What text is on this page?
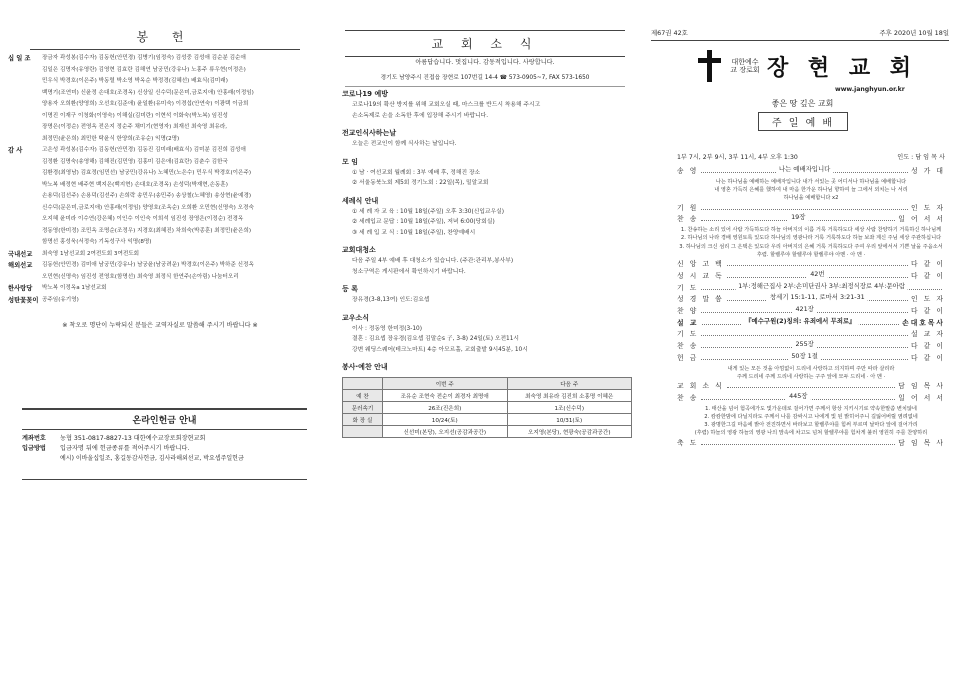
봉 헌
십 일 조	장금자 곽성봉(김수자) 김동헌(안민경) 김병기(임정숙) 김성중 김성애 김순분 김순애
김일은 김명자(유영란) 김영현 김효란 김해연 남궁민(강유나) 노홍주 류우현(이정은)
민우식 박경호(이은주) 박동렬 박소영 박옥순 박정경(김혜선) 배효식(김미래)
백명기(조연미) 신윤정 손대호(조경옥) 신상일 신수덕(문은미,금로지애) 안홍래(이정임)
양용자 오희환(양영희) 오선호(김준애) 윤일환(유미숙) 이경섭(안연숙) 이광택 이금희
이명진 이재구 이청화(이영숙) 이해실(김미란) 이현석 이화숙(박노복) 임진성
장명은(이정순) 전영옥 전은지 정순주 채미기(현영자) 최재선 최숙영 최유라,
최정민(윤은희) 최민한 탁윤식 한양희(조유순) 익명(2명)
감 사	고은성 곽성봉(김수자) 김동헌(안민경) 김동진 김미래(배효식) 김미분 김진희 김성애
김정환 김명숙(송영해) 김해진(김민영) 김홍미 김은애(김효란) 김춘수 김한국
김환경(최영남) 김효정(임민선) 남궁민(강유나) 노혜민(노은수) 민우식 박경호(이은주)
박노복 배정현 배주현 백지은(백지현) 손대호(조경옥) 손성덕(박재현,손동훈)
손용덕(김선주) 손용덕(김선주) 손희락 송민우(송민주) 송상철(노혜영) 송상현(윤예경)
신수덕(문은미,금로지애) 안홍래(이정임) 양영호(조옥순) 오희환 오민현(신명숙) 오경숙
오지혜 윤미라 이수연(강은혜) 이인수 이인숙 이희석 임진성 장영은(이정순) 전경옥
정동영(한미정) 조민옥 조명순(조정우) 지경호(최혜진) 차희숙(박종훈) 최정민(윤은희)
함명선 홍성욱(서정숙) 기독성구사 익명(8명)
국내선교	최숙영 1남선교회 2여전도회 3여전도회
해외선교	김동헌(안민경) 김미애 남궁민(강유나) 남궁윤(남궁려운) 박경호(이은주) 박하준 신정옥
오민현(신명숙) 임진성 전영호(함명선) 최숙영 최정식 한연주(손아림) 나눔터오리
한사랑당	박노복 이정옥a 1남선교회
성탄꽃꽂이 공주임(유기영)
※ 착오로 명단이 누락되신 분들은 교역자실로 말씀해 주시기 바랍니다 ※
온라인헌금 안내
계좌번호	농협 351-0817-8827-13 대한예수교장로회장현교회
입금방법	입금자명 뒤에 헌금종류를 적어주시기 바랍니다.
예시) 이바울십일조, 홍길동감사헌금, 김사라해외선교, 박요셉주일헌금
교 회 소 식
아름답습니다. 멋집니다. 감동적입니다. 사랑합니다.
경기도 남양주시 진접읍 장현로 107번길 14-4 ☎ 573-0905~7, FAX 573-1650
코로나19 예방
코로나19의 확산 방지를 위해 교회오실 때, 마스크를 반드시 착용해 주시고
손소독제로 손을 소독한 후에 입장해 주시기 바랍니다.
전교인식사하는날
오늘은 전교인이 함께 식사하는 날입니다.
모 임
① 남 · 여선교회 월례회 : 3부 예배 후, 정해진 장소
② 서울동북노회 제5회 정기노회 : 22일(목), 밀알교회
세례식 안내
① 세 례 자 교 육 : 10월 18일(주일) 오후 3:30(신입교우실)
② 세례입교 문답 : 10월 18일(주일), 저녁 6:00(당회실)
③ 세 례 입 교 식 : 10월 18일(주일), 찬양예배시
교회대청소
다음 주일 4부 예배 후 대청소가 있습니다. (주관:관리부,봉사부)
청소구역은 게시판에서 확인하시기 바랍니다.
등 록
장유경(3-8,13여) 인도:김요셉
교우소식
이사 : 정동영 한미정(3-10)
결혼 : 김요셉 장유경(김요셉 김말순s 子, 3-8) 24일(토) 오전11시
강변 웨딩스퀘어(테크노마트) 4층 아모르홀, 교회출발 9시45분, 10시
봉사·예찬 안내
	이번 주	다음 주
예 찬	조유순 조현숙 전순이 최경자 최명애	최숙영 최유라 김진희 소홍명 이혜은
문러속기	26조(진은희)	1조(신수덕)
화 장 실	10/24(토)	10/31(토)
	신선미(본당), 오지선(공감과공간)	오지영(본당), 현광숙(공감과공간)
제67권 42호	주후 2020년 10월 18일
대한예수교 장로회 장 현 교 회
www.janghyun.or.kr
좋은 땅 깊은 교회
주 일 예 배
1부 7시, 2부 9시, 3부 11시, 4부 오후 1:30	인도 : 담 임 목 사
송 영	나는 예배자입니다	성 가 대
나는 하나님을 예배하는 예배자입니다 내가 서있는 곳 어디서나 하나님을 예배합니다
내 영혼 가득히 은혜를 했하여 내 마음 한가운 하나님 향하여 늘 그에서 외치는 나 서리
하나님을 예배합니다 x2
기 원	인 도 자
찬 송	19장	일 어 서 서
1. 찬송하는 소리 있어 사람 가득하도다 하늘 아버지의 이름 거룩 거룩하도다 세상 사람 찬양하기 거룩하신 하나님께
2. 하나님의 나라 경배 영원토록 있도다 하나님의 영광나라 거룩 거룩하도다 하늘 보좌 계신 주님 세상 주관하십니다
3. 하나님의 크신 섬리 그 은택은 있도다 우리 아버지의 은혜 거룩 거룩하도다 주여 우리 앞에서서 기쁜 날을 주옵소서
후렴. 할렐루야 할렐루야 할렐루야 아멘 · 아 멘 ·
신 앙 고 백	다 같 이
성 시 교 독	42번	다 같 이
기 도	1부:정해근집사 2부:손미단권사 3부:최정식장로 4부:문아람
성 경 말 씀	창세기 15:1-11, 로마서 3:21-31	인 도 자
찬 양	421장	다 같 이
설 교	『예수구원(2)칭의: 유죄에서 무죄로』	손대호목사
기 도	설 교 자
찬 송	255장	다 같 이
헌 금	50장 1절	다 같 이
내게 있는 모든 것을 아낌없이 드리네 사랑하고 의지하며 주만 따라 살리라
주께 드리네 주께 드리네 사랑하는 구주 앞에 모두 드리네 · 아 멘 ·
교 회 소 식	담 임 목 사
찬 송	445장	일 어 서 서
1. 태산을 넘어 험곡에가도 빛가운데로 걸어가면 주께서 항상 지키시기로 약속한말씀 변치않네
2. 캄캄한밤에 다닐지라도 주께서 나를 감싸시고 나에게 빛 된 밝히어주니 길잃어버릴 염려없네
3. 광명한그길 마음에 밝아 전진하면서 바라보고 할렐루야를 힘써 부르며 날마다 앞에 걸어가리
(후렴) 하늘의 영광 하늘의 영광 나의 맘속에 차고도 넘쳐 할렐루야를 힘차게 불러 영원히 주를 찬양하리
축 도	담 임 목 사
